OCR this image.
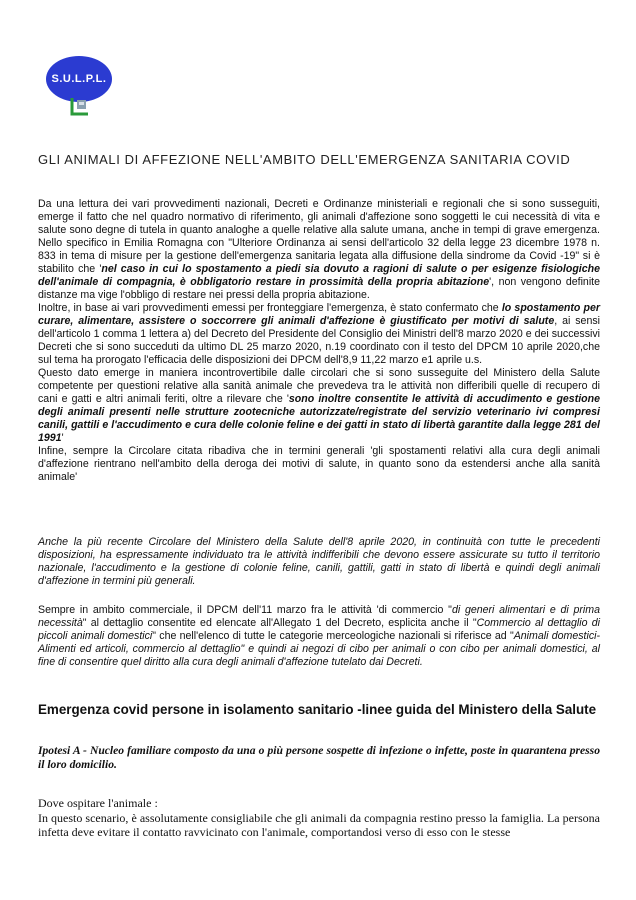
S.U.L.P.L.
GLI ANIMALI DI AFFEZIONE NELL'AMBITO DELL'EMERGENZA SANITARIA COVID

Da una lettura dei vari provvedimenti nazionali, Decreti e Ordinanze ministeriali e regionali che si sono susseguiti, emerge il fatto che nel quadro normativo di riferimento, gli animali d'affezione sono soggetti le cui necessità di vita e salute sono degne di tutela in quanto analoghe a quelle relative alla salute umana, anche in tempi di grave emergenza. Nello specifico in Emilia Romagna con "Ulteriore Ordinanza ai sensi dell'articolo 32 della legge 23 dicembre 1978 n. 833 in tema di misure per la gestione dell'emergenza sanitaria legata alla diffusione della sindrome da Covid -19" si è stabilito che 'nel caso in cui lo spostamento a piedi sia dovuto a ragioni di salute o per esigenze fisiologiche dell'animale di compagnia, è obbligatorio restare in prossimità della propria abitazione', non vengono definite distanze ma vige l'obbligo di restare nei pressi della propria abitazione.

Inoltre, in base ai vari provvedimenti emessi per fronteggiare l'emergenza, è stato confermato che lo spostamento per curare, alimentare, assistere o soccorrere gli animali d'affezione è giustificato per motivi di salute, ai sensi dell'articolo 1 comma 1 lettera a) del Decreto del Presidente del Consiglio dei Ministri dell'8 marzo 2020 e dei successivi Decreti che si sono succeduti da ultimo DL 25 marzo 2020, n.19 coordinato con il testo del DPCM 10 aprile 2020,che sul tema ha prorogato l'efficacia delle disposizioni dei DPCM dell'8,9 11,22 marzo e1 aprile u.s.

Questo dato emerge in maniera incontrovertibile dalle circolari che si sono susseguite del Ministero della Salute competente per questioni relative alla sanità animale che prevedeva tra le attività non differibili quelle di recupero di cani e gatti e altri animali feriti, oltre a rilevare che 'sono inoltre consentite le attività di accudimento e gestione degli animali presenti nelle strutture zootecniche autorizzate/registrate del servizio veterinario ivi compresi canili, gattili e l'accudimento e cura delle colonie feline e dei gatti in stato di libertà garantite dalla legge 281 del 1991'

Infine, sempre la Circolare citata ribadiva che in termini generali 'gli spostamenti relativi alla cura degli animali d'affezione rientrano nell'ambito della deroga dei motivi di salute, in quanto sono da estendersi anche alla sanità animale'

Anche la più recente Circolare del Ministero della Salute dell'8 aprile 2020, in continuità con tutte le precedenti disposizioni, ha espressamente individuato tra le attività indifferibili che devono essere assicurate su tutto il territorio nazionale, l'accudimento e la gestione di colonie feline, canili, gattili, gatti in stato di libertà e quindi degli animali d'affezione in termini più generali.
Sempre in ambito commerciale, il DPCM dell'11 marzo fra le attività 'di commercio "di generi alimentari e di prima necessità" al dettaglio consentite ed elencate all'Allegato 1 del Decreto, esplicita anche il "Commercio al dettaglio di piccoli animali domestici" che nell'elenco di tutte le categorie merceologiche nazionali si riferisce ad "Animali domestici-Alimenti ed articoli, commercio al dettaglio" e quindi ai negozi di cibo per animali o con cibo per animali domestici, al fine di consentire quel diritto alla cura degli animali d'affezione tutelato dai Decreti.
Emergenza covid persone in isolamento sanitario -linee guida del Ministero della Salute
Ipotesi A - Nucleo familiare composto da una o più persone sospette di infezione o infette, poste in quarantena presso il loro domicilio.
Dove ospitare l'animale :
In questo scenario, è assolutamente consigliabile che gli animali da compagnia restino presso la famiglia. La persona infetta deve evitare il contatto ravvicinato con l'animale, comportandosi verso di esso con le stesse
